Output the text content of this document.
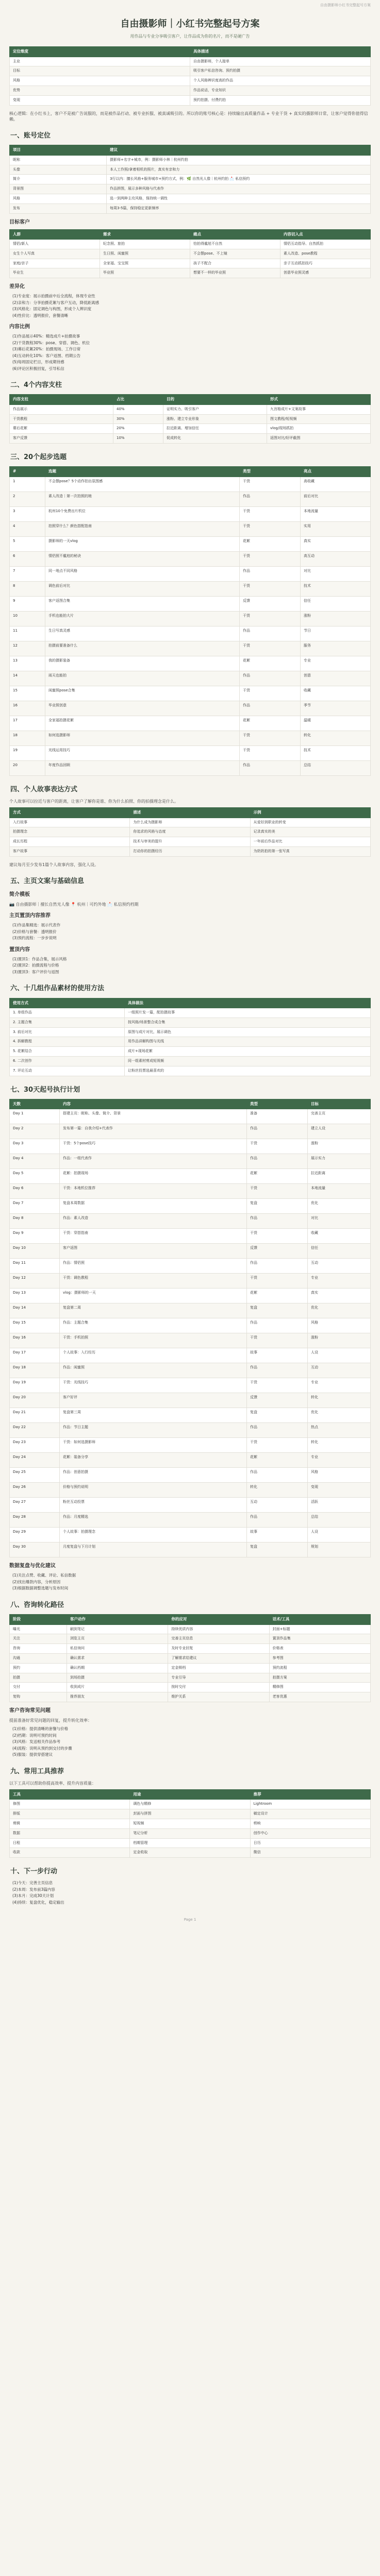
自由摄影师小红书完整起号方案
自由摄影师｜小红书完整起号方案
用作品与专业分享吸引客户，让作品成为你的名片，而不是硬广告
定位维度	具体描述
主业	自由摄影师，个人接单
目标	吸引客户私信咨询、预约拍摄
风格	个人风格辨识度高的作品
优势	作品说话，专业知识
变现	预约拍摄、付费约拍
核心逻辑：在小红书上，客户不是被广告说服的，而是被作品打动、被专业折服、被真诚吸引的。所以你的账号核心是：持续输出高质量作品 + 专业干货 + 真实的摄影师日常，让客户觉得你值得信赖。
一、账号定位
项目	建议
昵称	摄影师+名字+城市，例：摄影师小林｜杭州约拍
头像	本人工作照/拿着相机的照片，真实有亲和力
简介	3行以内：擅长风格+服务城市+预约方式，例：🌿 自然光人像｜杭州约拍 📩 私信预约
背景图	作品拼图，展示多种风格与代表作
风格	选一到两种主攻风格，保持统一调性
发布	每周3-5篇，保持稳定更新频率
目标客户
人群	需求	痛点	内容切入点
情侣/新人	纪念照、旅拍	怕拍得尴尬不自然	情侣互动指导、自然抓拍
女生个人写真	生日照、闺蜜照	不会摆pose、不上镜	素人改造、pose教程
家庭/亲子	全家福、宝宝照	孩子不配合	亲子互动抓拍技巧
毕业生	毕业照	想要不一样的毕业照	创意毕业照灵感
差异化
(1)专业度：展示拍摄前中后全流程，体现专业性
(2)亲和力：分享拍摄花絮与客户互动，降低距离感
(3)风格化：固定调色与构图，形成个人辨识度
(4)性价比：透明报价，套餐清晰
内容比例
(1)作品展示40%：精选成片+拍摄故事
(2)干货教程30%：pose、穿搭、调色、机位
(3)幕后花絮20%：拍摄现场、工作日常
(4)互动转化10%：客户返图、档期公告
(5)每周固定栏目，形成期待感
(6)评论区积极回复，引导私信
二、4个内容支柱
内容支柱	占比	目的	形式
作品展示	40%	证明实力、吸引客户	九宫格成片+文案故事
干货教程	30%	涨粉、建立专业形象	图文教程/短视频
幕后花絮	20%	拉近距离、增加信任	vlog/现场抓拍
客户反馈	10%	促成转化	返图对比/好评截图
三、20个起步选题
#	选题	类型	亮点
1	不会摆pose？5个动作拍出氛围感	干货	高收藏
2	素人改造｜第一次拍照的她	作品	前后对比
3	杭州10个免费出片机位	干货	本地流量
4	拍照穿什么？颜色搭配指南	干货	实用
5	摄影师的一天vlog	花絮	真实
6	情侣照不尴尬的秘诀	干货	高互动
7	同一地点不同风格	作品	对比
8	调色前后对比	干货	技术
9	客户返图合集	反馈	信任
10	手机也能拍大片	干货	涨粉
11	生日写真灵感	作品	节日
12	拍摄前要准备什么	干货	服务
13	我的摄影装备	花絮	专业
14	雨天也能拍	作品	创意
15	闺蜜照pose合集	干货	收藏
16	毕业照创意	作品	季节
17	全家福拍摄花絮	花絮	温暖
18	如何选摄影师	干货	转化
19	光线运用技巧	干货	技术
20	年度作品回顾	作品	总结
四、个人故事表达方式
个人故事可以拉近与客户的距离，让客户了解你是谁、你为什么拍照、你的拍摄理念是什么。
方式	描述	示例
入行故事	为什么成为摄影师	从爱好到职业的转变
拍摄理念	你追求的风格与态度	记录真实的美
成长历程	技术与审美的提升	一年前后作品对比
客户故事	打动你的拍摄经历	为奶奶拍的第一张写真
建议每月至少发布1篇个人故事内容，强化人设。
五、主页文案与基础信息
简介模板
📷 自由摄影师｜擅长自然光人像 📍 杭州｜可约外地 📩 私信预约档期
主页置顶内容推荐
(1)作品集精选：展示代表作
(2)价格与套餐：透明报价
(3)预约流程：一步步说明
置顶内容
(1)置顶1：作品合集，展示风格
(2)置顶2：拍摄流程与价格
(3)置顶3：客户评价与返图
六、十几组作品素材的使用方法
使用方式	具体做法
1. 单组作品	一组照片发一篇，配拍摄故事
2. 主题合集	按风格/场景整合成合集
3. 前后对比	原图与成片对比，展示调色
4. 拆解教程	用作品讲解构图与光线
5. 花絮结合	成片+现场花絮
6. 二次创作	同一组素材剪成短视频
7. 评论互动	让粉丝投票选最喜欢的
七、30天起号执行计划
天数	内容	类型	目标
Day 1	搭建主页：昵称、头像、简介、背景	准备	完善主页
Day 2	发布第一篇：自我介绍+代表作	作品	建立人设
Day 3	干货：5个pose技巧	干货	涨粉
Day 4	作品：一组代表作	作品	展示实力
Day 5	花絮：拍摄现场	花絮	拉近距离
Day 6	干货：本地机位推荐	干货	本地流量
Day 7	复盘本周数据	复盘	优化
Day 8	作品：素人改造	作品	对比
Day 9	干货：穿搭指南	干货	收藏
Day 10	客户返图	反馈	信任
Day 11	作品：情侣照	作品	互动
Day 12	干货：调色教程	干货	专业
Day 13	vlog：摄影师的一天	花絮	真实
Day 14	复盘第二周	复盘	优化
Day 15	作品：主题合集	作品	风格
Day 16	干货：手机拍照	干货	涨粉
Day 17	个人故事：入行经历	故事	人设
Day 18	作品：闺蜜照	作品	互动
Day 19	干货：光线技巧	干货	专业
Day 20	客户好评	反馈	转化
Day 21	复盘第三周	复盘	优化
Day 22	作品：节日主题	作品	热点
Day 23	干货：如何选摄影师	干货	转化
Day 24	花絮：装备分享	花絮	专业
Day 25	作品：创意拍摄	作品	风格
Day 26	价格与预约说明	转化	变现
Day 27	粉丝互动投票	互动	活跃
Day 28	作品：月度精选	作品	总结
Day 29	个人故事：拍摄理念	故事	人设
Day 30	月度复盘与下月计划	复盘	规划
数据复盘与优化建议
(1)关注点赞、收藏、评论、私信数据
(2)找出爆款内容，分析原因
(3)根据数据调整选题与发布时间
八、咨询转化路径
阶段	客户动作	你的应对	话术/工具
曝光	刷到笔记	持续优质内容	封面+标题
关注	浏览主页	完善主页信息	置顶作品集
咨询	私信询问	及时专业回复	价格表
沟通	确认需求	了解需求给建议	参考图
预约	确认档期	定金锁档	预约流程
拍摄	到场拍摄	专业引导	拍摄方案
交付	收到成片	按时交付	精修图
复购	推荐朋友	维护关系	老客优惠
客户咨询常见问题
提前准备好常见问题的回复，提升转化效率：
(1)价格：提供清晰的套餐与价格
(2)档期：说明可预约时间
(3)风格：发送相关作品参考
(4)流程：说明从预约到交付的步骤
(5)服装：提供穿搭建议
九、常用工具推荐
以下工具可以帮助你提高效率、提升内容质量：
工具	用途	推荐
修图	调色与精修	Lightroom
排版	封面与拼图	稿定设计
剪辑	短视频	剪映
数据	笔记分析	创作中心
日程	档期管理	日历
收款	定金收取	微信
十、下一步行动
(1)今天：完善主页信息
(2)本周：发布前3篇内容
(3)本月：完成30天计划
(4)持续：复盘优化，稳定输出
Page 1
